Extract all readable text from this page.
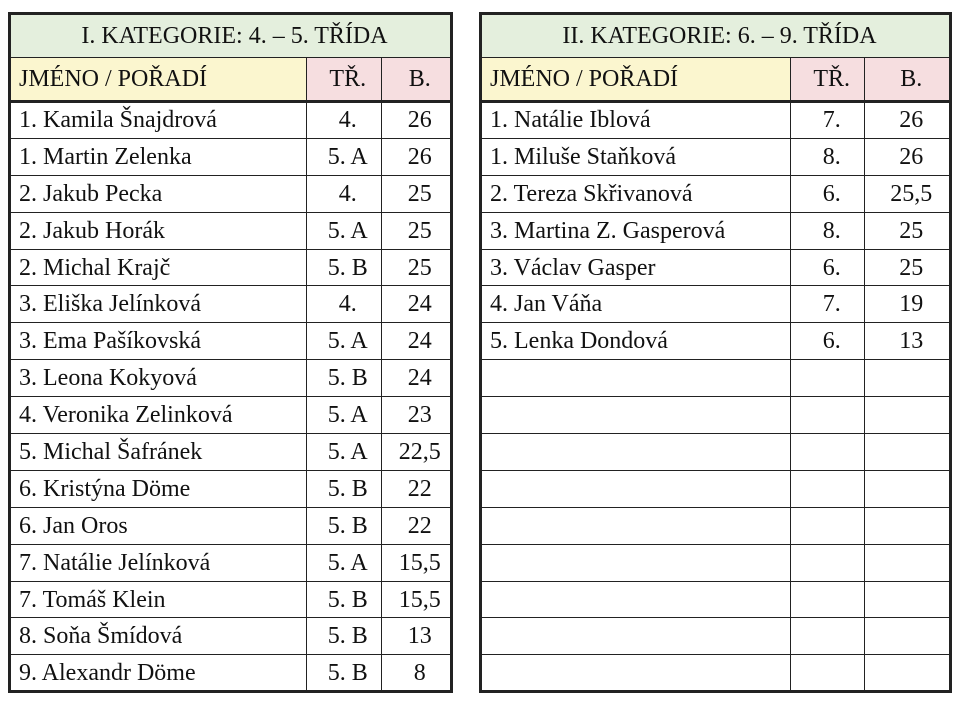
I. KATEGORIE: 4. – 5. TŘÍDA		
JMÉNO / POŘADÍ	TŘ.	B.
1. Kamila Šnajdrová	4.	26
1. Martin Zelenka	5. A	26
2. Jakub Pecka	4.	25
2. Jakub Horák	5. A	25
2. Michal Krajč	5. B	25
3. Eliška Jelínková	4.	24
3. Ema Pašíkovská	5. A	24
3. Leona Kokyová	5. B	24
4. Veronika Zelinková	5. A	23
5. Michal Šafránek	5. A	22,5
6. Kristýna Döme	5. B	22
6. Jan Oros	5. B	22
7. Natálie Jelínková	5. A	15,5
7. Tomáš Klein	5. B	15,5
8. Soňa Šmídová	5. B	13
9. Alexandr Döme	5. B	8
II. KATEGORIE: 6. – 9. TŘÍDA		
JMÉNO / POŘADÍ	TŘ.	B.
1. Natálie Iblová	7.	26
1. Miluše Staňková	8.	26
2. Tereza Skřivanová	6.	25,5
3. Martina Z. Gasperová	8.	25
3. Václav Gasper	6.	25
4. Jan Váňa	7.	19
5. Lenka Dondová	6.	13
